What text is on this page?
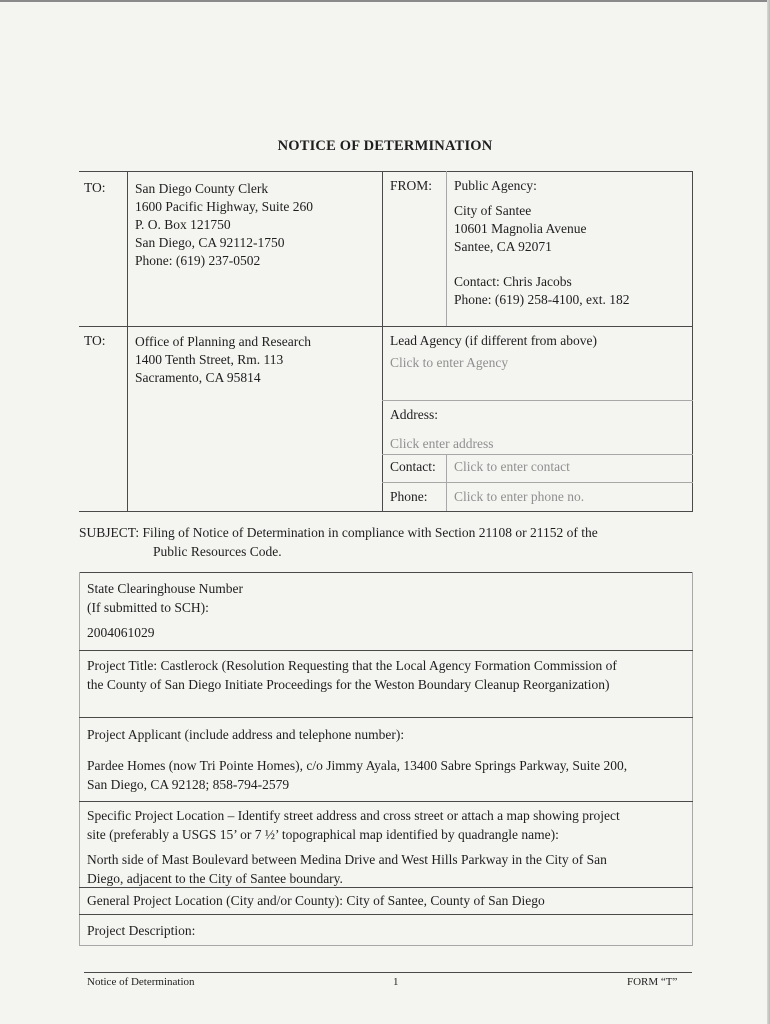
NOTICE OF DETERMINATION
TO: San Diego County Clerk
1600 Pacific Highway, Suite 260
P. O. Box 121750
San Diego, CA 92112-1750
Phone: (619) 237-0502
FROM: Public Agency:
City of Santee
10601 Magnolia Avenue
Santee, CA 92071
Contact: Chris Jacobs
Phone: (619) 258-4100, ext. 182
TO: Office of Planning and Research
1400 Tenth Street, Rm. 113
Sacramento, CA 95814
Lead Agency (if different from above)
Click to enter Agency
Address:
Click enter address
Contact: Click to enter contact
Phone: Click to enter phone no.
SUBJECT: Filing of Notice of Determination in compliance with Section 21108 or 21152 of the
Public Resources Code.
State Clearinghouse Number
(If submitted to SCH):
2004061029
Project Title: Castlerock (Resolution Requesting that the Local Agency Formation Commission of
the County of San Diego Initiate Proceedings for the Weston Boundary Cleanup Reorganization)
Project Applicant (include address and telephone number):
Pardee Homes (now Tri Pointe Homes), c/o Jimmy Ayala, 13400 Sabre Springs Parkway, Suite 200,
San Diego, CA 92128; 858-794-2579
Specific Project Location – Identify street address and cross street or attach a map showing project
site (preferably a USGS 15’ or 7 ½’ topographical map identified by quadrangle name):
North side of Mast Boulevard between Medina Drive and West Hills Parkway in the City of San
Diego, adjacent to the City of Santee boundary.
General Project Location (City and/or County): City of Santee, County of San Diego
Project Description:
Notice of Determination	1	FORM “T”
